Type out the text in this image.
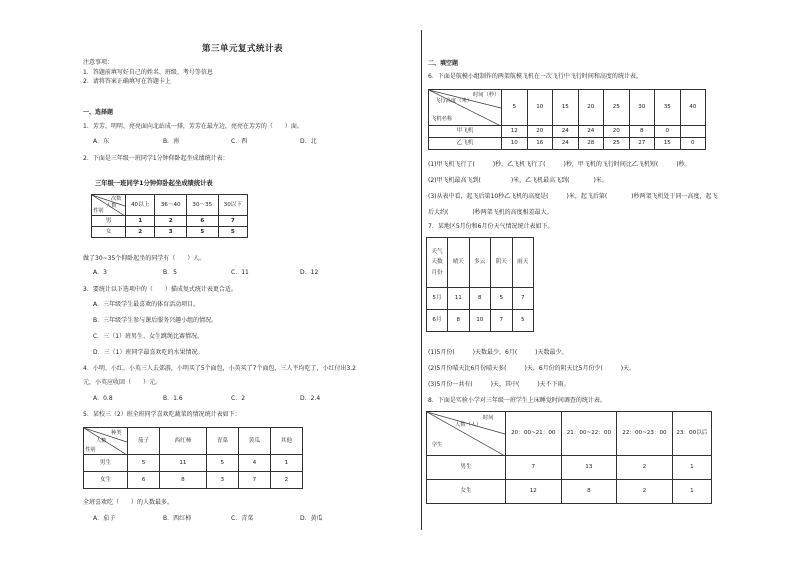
第三单元复式统计表
注意事项：
1．答题前填写好自己的姓名、班级、考号等信息
2．请将答案正确填写在答题卡上
一、选择题
1．芳芳、明明、亮亮面向北站成一排，芳芳在最左边，亮亮在芳芳的（　　）面。
A．东	B．南	C．西	D．北
2．下面是三年级一班同学1分钟仰卧起坐成绩统计表：
三年级一班同学1分钟仰卧起坐成绩统计表
次数
人数
性别	40以上	36～40	30～35	30以下
男	1	2	6	7
女	2	3	5	5
做了30~35个仰卧起坐的同学有（　　）人。
A．3	B．5	C．11	D．12
3．要统计以下选项中的（　　）描成复式统计表更合适。
A．三年级学生最喜欢的体育活动项目。
B．三年级学生参与课后服务兴趣小组的情况。
C．三（1）班男生、女生跳绳比赛情况。
D．三（1）班同学最喜欢吃的水果情况。
4．小明、小红、小英三人去郊游，小明买了5个面包，小英买了7个面包，三人平均吃了，小红付出3.2
元，小英应收回（　　）元。
A．0.8	B．1.6	C．2	D．2.4
5．某校三（2）班全班同学喜欢吃蔬菜的情况统计表如下：
种类
人数
性别	茄子	西红柿	青菜	黄瓜	其他
男生	5	11	5	4	1
女生	6	8	3	7	2
全班喜欢吃（　　）的人数最多。
A．茄子	B．西红柿	C．青菜	D．黄瓜
二、填空题
6．下面是航模小组制作的两架航模飞机在一次飞行中飞行时间和高度的统计表。
时间（秒）
飞行高度（米）
飞机名称	5	10	15	20	25	30	35	40
甲飞机	12	20	24	24	20	8	0	
乙飞机	10	16	24	28	25	27	15	0
(1)甲飞机飞行了(　　　)秒，乙飞机飞行了(　　　)秒，甲飞机的飞行时间比乙飞机短(　　　)秒。
(2)甲飞机最高飞到(　　　　　)米，乙飞机最高飞到(　　　　)米。
(3)从表中看，起飞后第10秒乙飞机的高度是(　　　)米，起飞后第(　　　　)秒两架飞机处于同一高度，起飞
后大约(　　　　)秒两架飞机的高度相差最大。
7．某地区5月份和6月份天气情况统计表如下。
天气
天数
月份	晴天	多云	阴天	雨天
5月	11	8	5	7
6月	8	10	7	5
(1)5月份(　　　)天数最少，6月(　　　)天数最少。
(2)5月份晴天比6月份晴天多(　　　)天，6月份的阴天比5月份少(　　　)天。
(3)5月份一共有(　　　)天，其中(　　　)天不下雨。
8．下面是实验小学对三年级一班学生上床睡觉时间调查的统计表。
时间
人数（人）
学生	20：00~21：00	21：00~22：00	22：00~23：00	23：00以后
男生	7	13	2	1
女生	12	8	2	1
